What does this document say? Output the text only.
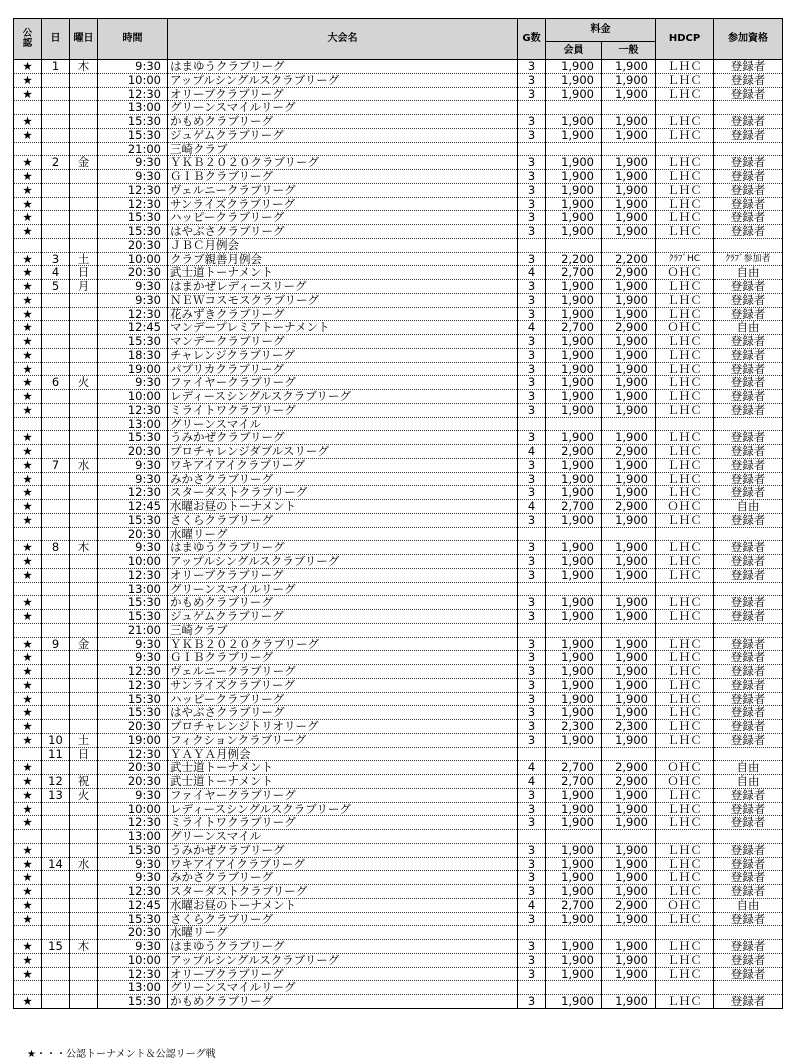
公認	日	曜日	時間	大会名	G数	料金		HDCP	参加資格
						会員	一般		
★	1	木	9:30	はまゆうクラブリーグ	3	1,900	1,900	ＬＨＣ	登録者
★			10:00	アップルシングルスクラブリーグ	3	1,900	1,900	ＬＨＣ	登録者
★			12:30	オリーブクラブリーグ	3	1,900	1,900	ＬＨＣ	登録者
			13:00	グリーンスマイルリーグ					
★			15:30	かもめクラブリーグ	3	1,900	1,900	ＬＨＣ	登録者
★			15:30	ジュゲムクラブリーグ	3	1,900	1,900	ＬＨＣ	登録者
			21:00	三崎クラブ					
★	2	金	9:30	ＹＫＢ２０２０クラブリーグ	3	1,900	1,900	ＬＨＣ	登録者
★			9:30	ＧＩＢクラブリーグ	3	1,900	1,900	ＬＨＣ	登録者
★			12:30	ヴェルニークラブリーグ	3	1,900	1,900	ＬＨＣ	登録者
★			12:30	サンライズクラブリーグ	3	1,900	1,900	ＬＨＣ	登録者
★			15:30	ハッピークラブリーグ	3	1,900	1,900	ＬＨＣ	登録者
★			15:30	はやぶさクラブリーグ	3	1,900	1,900	ＬＨＣ	登録者
			20:30	ＪＢＣ月例会					
★	3	土	10:00	クラブ親善月例会	3	2,200	2,200	ｸﾗﾌﾞHC	ｸﾗﾌﾞ参加者
★	4	日	20:30	武士道トーナメント	4	2,700	2,900	ＯＨＣ	自由
★	5	月	9:30	はまかぜレディースリーグ	3	1,900	1,900	ＬＨＣ	登録者
★			9:30	ＮＥＷコスモスクラブリーグ	3	1,900	1,900	ＬＨＣ	登録者
★			12:30	花みずきクラブリーグ	3	1,900	1,900	ＬＨＣ	登録者
★			12:45	マンデープレミアトーナメント	4	2,700	2,900	ＯＨＣ	自由
★			15:30	マンデークラブリーグ	3	1,900	1,900	ＬＨＣ	登録者
★			18:30	チャレンジクラブリーグ	3	1,900	1,900	ＬＨＣ	登録者
★			19:00	パプリカクラブリーグ	3	1,900	1,900	ＬＨＣ	登録者
★	6	火	9:30	ファイヤークラブリーグ	3	1,900	1,900	ＬＨＣ	登録者
★			10:00	レディースシングルスクラブリーグ	3	1,900	1,900	ＬＨＣ	登録者
★			12:30	ミライトワクラブリーグ	3	1,900	1,900	ＬＨＣ	登録者
			13:00	グリーンスマイル					
★			15:30	うみかぜクラブリーグ	3	1,900	1,900	ＬＨＣ	登録者
★			20:30	プロチャレンジダブルスリーグ	4	2,900	2,900	ＬＨＣ	登録者
★	7	水	9:30	ワキアイアイクラブリーグ	3	1,900	1,900	ＬＨＣ	登録者
★			9:30	みかさクラブリーグ	3	1,900	1,900	ＬＨＣ	登録者
★			12:30	スターダストクラブリーグ	3	1,900	1,900	ＬＨＣ	登録者
★			12:45	水曜お昼のトーナメント	4	2,700	2,900	ＯＨＣ	自由
★			15:30	さくらクラブリーグ	3	1,900	1,900	ＬＨＣ	登録者
			20:30	水曜リーグ					
★	8	木	9:30	はまゆうクラブリーグ	3	1,900	1,900	ＬＨＣ	登録者
★			10:00	アップルシングルスクラブリーグ	3	1,900	1,900	ＬＨＣ	登録者
★			12:30	オリーブクラブリーグ	3	1,900	1,900	ＬＨＣ	登録者
			13:00	グリーンスマイルリーグ					
★			15:30	かもめクラブリーグ	3	1,900	1,900	ＬＨＣ	登録者
★			15:30	ジュゲムクラブリーグ	3	1,900	1,900	ＬＨＣ	登録者
			21:00	三崎クラブ					
★	9	金	9:30	ＹＫＢ２０２０クラブリーグ	3	1,900	1,900	ＬＨＣ	登録者
★			9:30	ＧＩＢクラブリーグ	3	1,900	1,900	ＬＨＣ	登録者
★			12:30	ヴェルニークラブリーグ	3	1,900	1,900	ＬＨＣ	登録者
★			12:30	サンライズクラブリーグ	3	1,900	1,900	ＬＨＣ	登録者
★			15:30	ハッピークラブリーグ	3	1,900	1,900	ＬＨＣ	登録者
★			15:30	はやぶさクラブリーグ	3	1,900	1,900	ＬＨＣ	登録者
★			20:30	プロチャレンジトリオリーグ	3	2,300	2,300	ＬＨＣ	登録者
★	10	土	19:00	フィクションクラブリーグ	3	1,900	1,900	ＬＨＣ	登録者
	11	日	12:30	ＹＡＹＡ月例会					
★			20:30	武士道トーナメント	4	2,700	2,900	ＯＨＣ	自由
★	12	祝	20:30	武士道トーナメント	4	2,700	2,900	ＯＨＣ	自由
★	13	火	9:30	ファイヤークラブリーグ	3	1,900	1,900	ＬＨＣ	登録者
★			10:00	レディースシングルスクラブリーグ	3	1,900	1,900	ＬＨＣ	登録者
★			12:30	ミライトワクラブリーグ	3	1,900	1,900	ＬＨＣ	登録者
			13:00	グリーンスマイル					
★			15:30	うみかぜクラブリーグ	3	1,900	1,900	ＬＨＣ	登録者
★	14	水	9:30	ワキアイアイクラブリーグ	3	1,900	1,900	ＬＨＣ	登録者
★			9:30	みかさクラブリーグ	3	1,900	1,900	ＬＨＣ	登録者
★			12:30	スターダストクラブリーグ	3	1,900	1,900	ＬＨＣ	登録者
★			12:45	水曜お昼のトーナメント	4	2,700	2,900	ＯＨＣ	自由
★			15:30	さくらクラブリーグ	3	1,900	1,900	ＬＨＣ	登録者
			20:30	水曜リーグ					
★	15	木	9:30	はまゆうクラブリーグ	3	1,900	1,900	ＬＨＣ	登録者
★			10:00	アップルシングルスクラブリーグ	3	1,900	1,900	ＬＨＣ	登録者
★			12:30	オリーブクラブリーグ	3	1,900	1,900	ＬＨＣ	登録者
			13:00	グリーンスマイルリーグ					
★			15:30	かもめクラブリーグ	3	1,900	1,900	ＬＨＣ	登録者
★・・・公認トーナメント＆公認リーグ戦
